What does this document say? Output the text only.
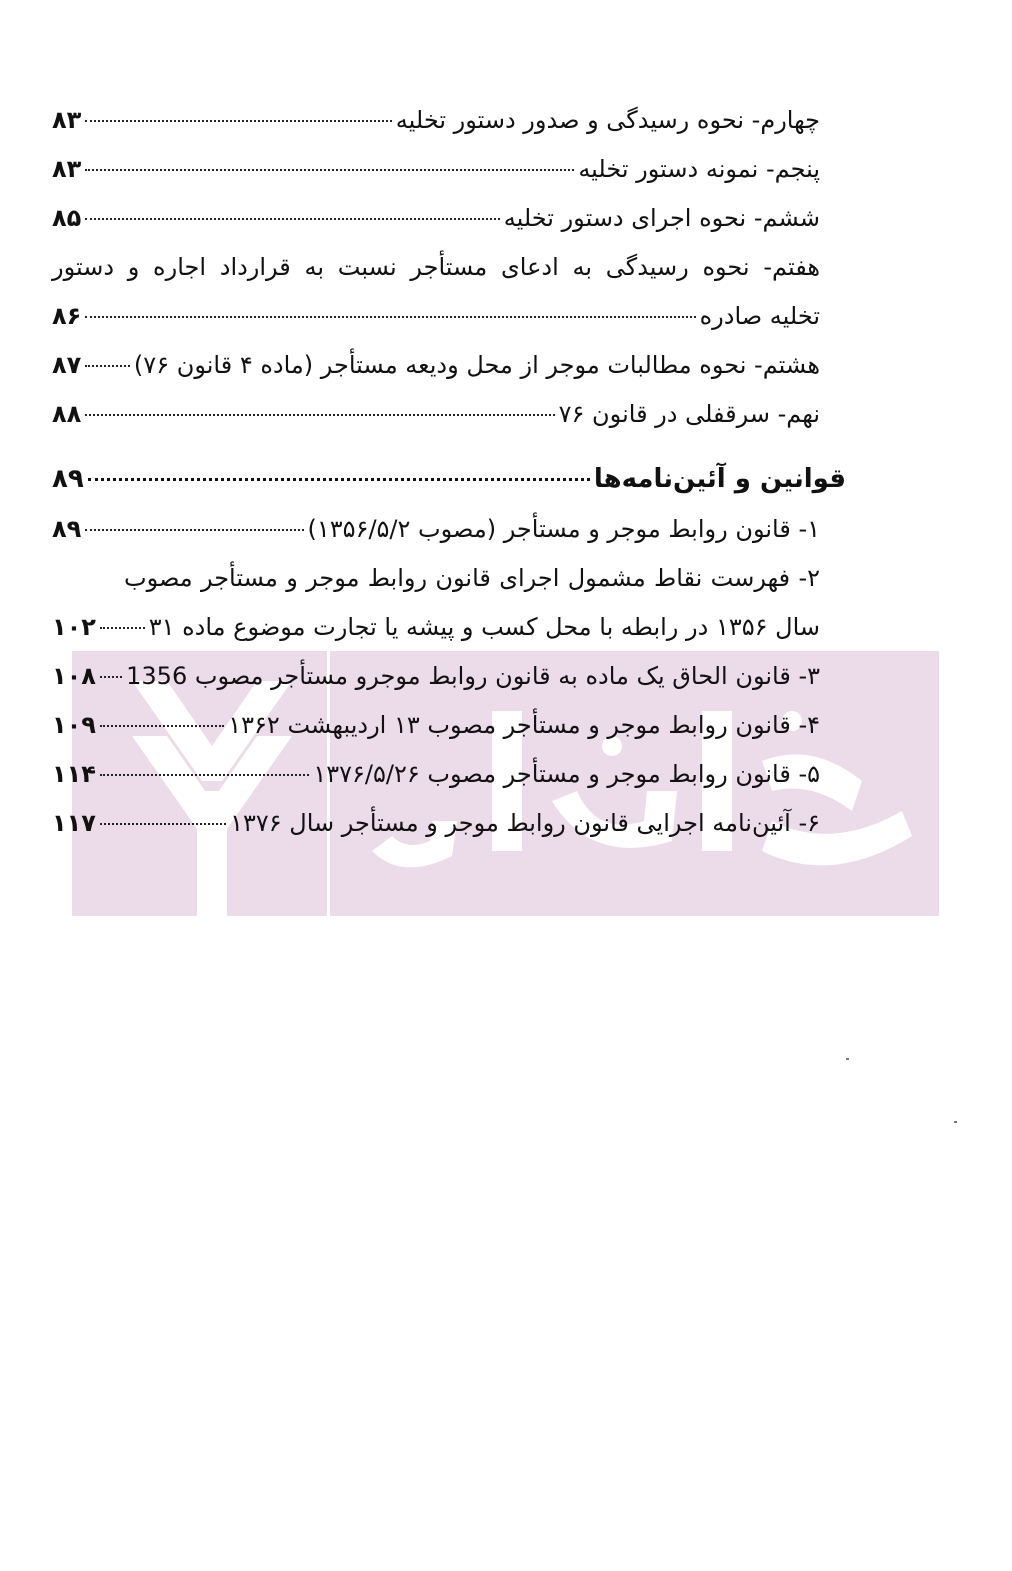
چهارم- نحوه رسیدگی و صدور دستور تخلیه
۸۳
پنجم- نمونه دستور تخلیه
۸۳
ششم- نحوه اجرای دستور تخلیه
۸۵
هفتم- نحوه رسیدگی به ادعای مستأجر نسبت به قرارداد اجاره و دستور
تخلیه صادره
۸۶
هشتم- نحوه مطالبات موجر از محل ودیعه مستأجر (ماده ۴ قانون ۷۶)
۸۷
نهم- سرقفلی در قانون ۷۶
۸۸
قوانین و آئین‌نامه‌ها
۸۹
۱- قانون روابط موجر و مستأجر (مصوب ۱۳۵۶/۵/۲)
۸۹
۲- فهرست نقاط مشمول اجرای قانون روابط موجر و مستأجر مصوب
سال ۱۳۵۶ در رابطه با محل کسب و پیشه یا تجارت موضوع ماده ۳۱
۱۰۲
۳- قانون الحاق یک ماده به قانون روابط موجرو مستأجر مصوب 1356
۱۰۸
۴- قانون روابط موجر و مستأجر مصوب ۱۳ اردیبهشت ۱۳۶۲
۱۰۹
۵- قانون روابط موجر و مستأجر مصوب ۱۳۷۶/۵/۲۶
۱۱۴
۶- آئین‌نامه اجرایی قانون روابط موجر و مستأجر سال ۱۳۷۶
۱۱۷
